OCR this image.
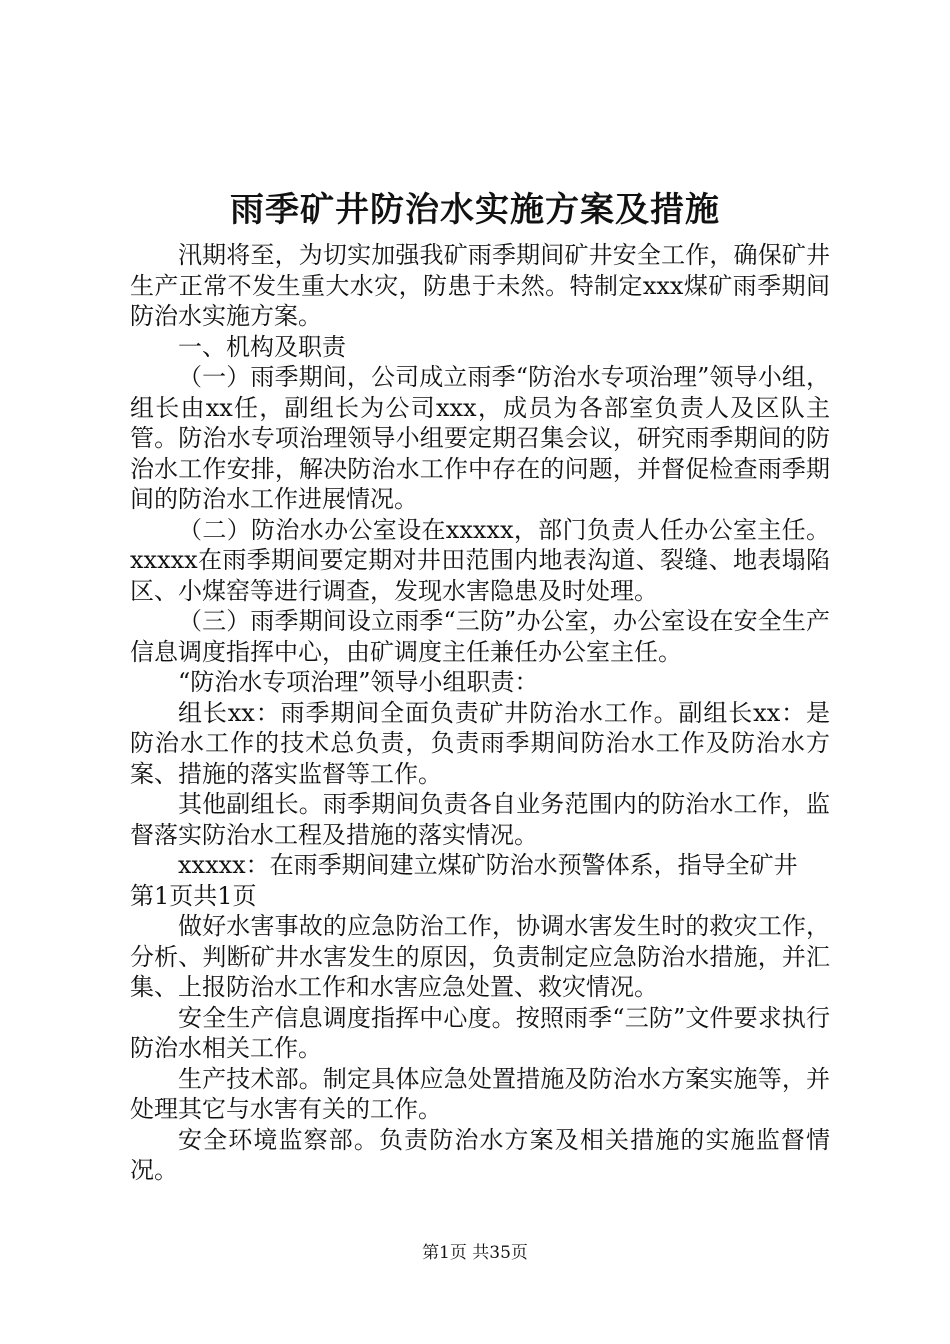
雨季矿井防治水实施方案及措施

汛期将至，为切实加强我矿雨季期间矿井安全工作，确保矿井生产正常不发生重大水灾，防患于未然。特制定xxx煤矿雨季期间防治水实施方案。

一、机构及职责

（一）雨季期间，公司成立雨季“防治水专项治理”领导小组，组长由xx任，副组长为公司xxx，成员为各部室负责人及区队主管。防治水专项治理领导小组要定期召集会议，研究雨季期间的防治水工作安排，解决防治水工作中存在的问题，并督促检查雨季期间的防治水工作进展情况。

（二）防治水办公室设在xxxxx，部门负责人任办公室主任。xxxxx在雨季期间要定期对井田范围内地表沟道、裂缝、地表塌陷区、小煤窑等进行调查，发现水害隐患及时处理。

（三）雨季期间设立雨季“三防”办公室，办公室设在安全生产信息调度指挥中心，由矿调度主任兼任办公室主任。

“防治水专项治理”领导小组职责：

组长xx：雨季期间全面负责矿井防治水工作。副组长xx：是防治水工作的技术总负责，负责雨季期间防治水工作及防治水方案、措施的落实监督等工作。

其他副组长。雨季期间负责各自业务范围内的防治水工作，监督落实防治水工程及措施的落实情况。

xxxxx：在雨季期间建立煤矿防治水预警体系，指导全矿井

第1页共1页

做好水害事故的应急防治工作，协调水害发生时的救灾工作，分析、判断矿井水害发生的原因，负责制定应急防治水措施，并汇集、上报防治水工作和水害应急处置、救灾情况。

安全生产信息调度指挥中心度。按照雨季“三防”文件要求执行防治水相关工作。

生产技术部。制定具体应急处置措施及防治水方案实施等，并处理其它与水害有关的工作。

安全环境监察部。负责防治水方案及相关措施的实施监督情况。

第1页 共35页
